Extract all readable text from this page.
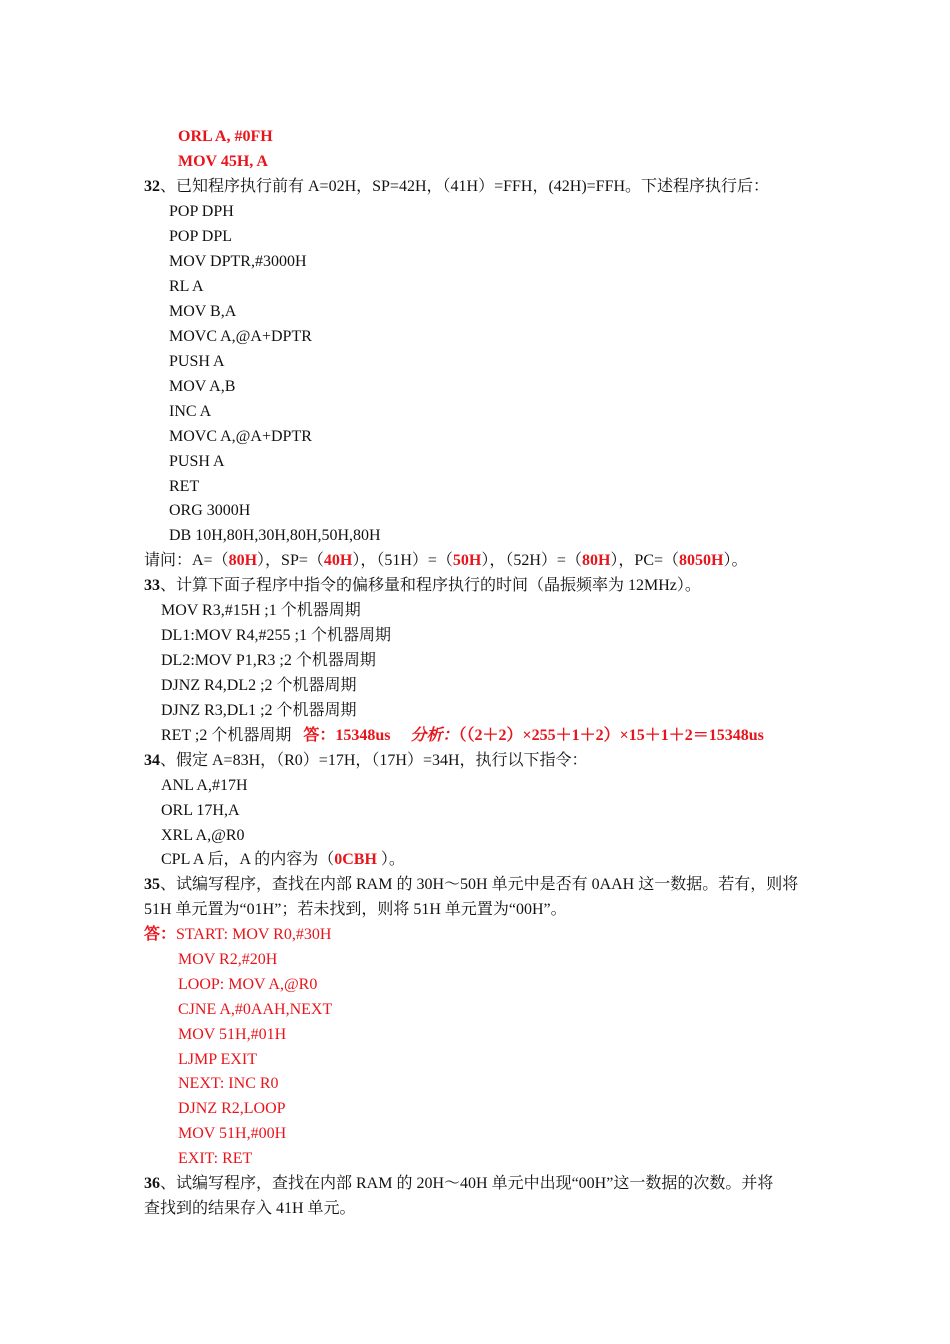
ORL A, #0FH
MOV 45H, A
32、已知程序执行前有 A=02H，SP=42H，（41H）=FFH，(42H)=FFH。下述程序执行后：
POP DPH
POP DPL
MOV DPTR,#3000H
RL A
MOV B,A
MOVC A,@A+DPTR
PUSH A
MOV A,B
INC A
MOVC A,@A+DPTR
PUSH A
RET
ORG 3000H
DB 10H,80H,30H,80H,50H,80H
请问：A=（80H），SP=（40H），（51H）=（50H），（52H）=（80H），PC=（8050H）。
33、计算下面子程序中指令的偏移量和程序执行的时间（晶振频率为 12MHz）。
MOV R3,#15H ;1 个机器周期
DL1:MOV R4,#255 ;1 个机器周期
DL2:MOV P1,R3 ;2 个机器周期
DJNZ R4,DL2 ;2 个机器周期
DJNZ R3,DL1 ;2 个机器周期
RET ;2 个机器周期 答：15348us 分析：（（2＋2）×255＋1＋2）×15＋1＋2＝15348us
34、假定 A=83H，（R0）=17H，（17H）=34H，执行以下指令：
ANL A,#17H
ORL 17H,A
XRL A,@R0
CPL A 后，A 的内容为（0CBH ）。
35、试编写程序，查找在内部 RAM 的 30H～50H 单元中是否有 0AAH 这一数据。若有，则将
51H 单元置为“01H”；若未找到，则将 51H 单元置为“00H”。
答：START: MOV R0,#30H
MOV R2,#20H
LOOP: MOV A,@R0
CJNE A,#0AAH,NEXT
MOV 51H,#01H
LJMP EXIT
NEXT: INC R0
DJNZ R2,LOOP
MOV 51H,#00H
EXIT: RET
36、试编写程序，查找在内部 RAM 的 20H～40H 单元中出现“00H”这一数据的次数。并将
查找到的结果存入 41H 单元。
